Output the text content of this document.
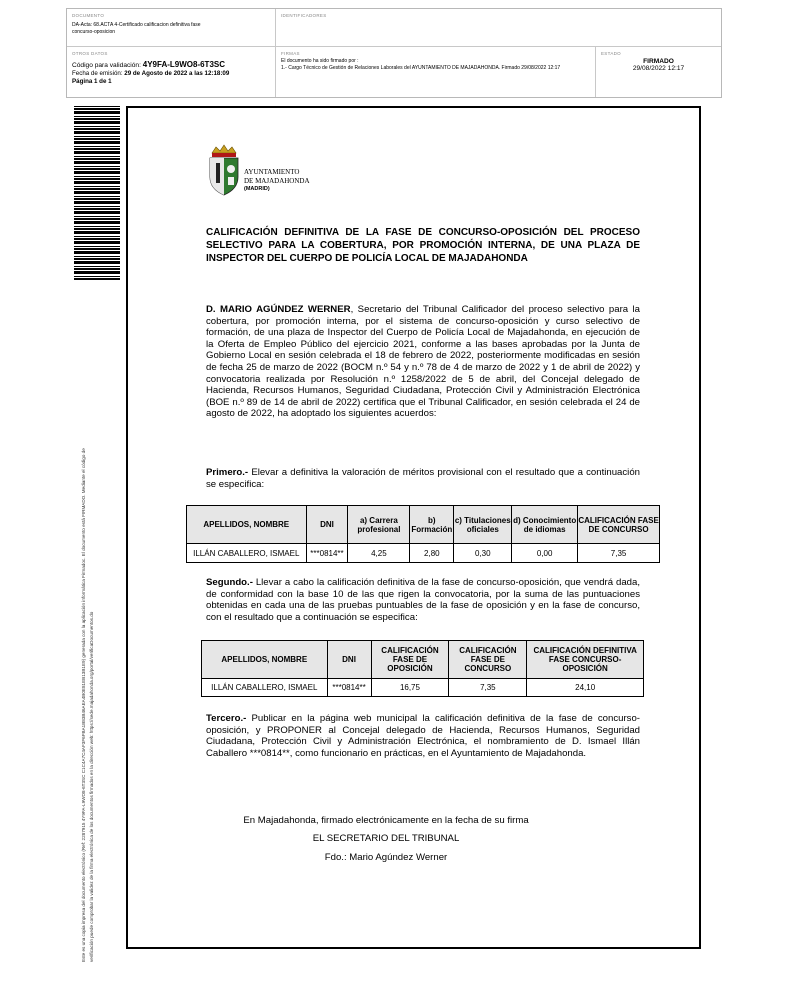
DOCUMENTO
DA-Acta: 68.ACTA 4-Certificado calificacion definitiva fase concurso-oposicion
IDENTIFICADORES
OTROS DATOS
Código para validación: 4Y9FA-L9WO8-6T3SC
Fecha de emisión: 29 de Agosto de 2022 a las 12:18:09
Página 1 de 1
FIRMAS
El documento ha sido firmado por :
1.- Cargo Técnico de Gestión de Relaciones Laborales del AYUNTAMIENTO DE MAJADAHONDA. Firmado 29/08/2022 12:17
ESTADO
FIRMADO
29/08/2022 12:17
Este es una copia impresa del documento electrónico (Ref: 2287915 4Y9FA-L9WO8-6T3SC C1C4A7C4AF3F6FBA1B83B46AEA4B0E81EB13B1E9) generada con la aplicación informática Firmadoc. El documento está FIRMADO. Mediante el código de verificación puede comprobar la validez de la firma electrónica de los documentos firmados en la dirección web: https://sede.majadahonda.org/portal/verificaDocumentos.do
AYUNTAMIENTO
DE MAJADAHONDA
(MADRID)
CALIFICACIÓN DEFINITIVA DE LA FASE DE CONCURSO-OPOSICIÓN DEL PROCESO SELECTIVO PARA LA COBERTURA, POR PROMOCIÓN INTERNA, DE UNA PLAZA DE INSPECTOR DEL CUERPO DE POLICÍA LOCAL DE MAJADAHONDA
D. MARIO AGÚNDEZ WERNER, Secretario del Tribunal Calificador del proceso selectivo para la cobertura, por promoción interna, por el sistema de concurso-oposición y curso selectivo de formación, de una plaza de Inspector del Cuerpo de Policía Local de Majadahonda, en ejecución de la Oferta de Empleo Público del ejercicio 2021, conforme a las bases aprobadas por la Junta de Gobierno Local en sesión celebrada el 18 de febrero de 2022, posteriormente modificadas en sesión de fecha 25 de marzo de 2022 (BOCM n.º 54 y n.º 78 de 4 de marzo de 2022 y 1 de abril de 2022) y convocatoria realizada por Resolución n.º 1258/2022 de 5 de abril, del Concejal delegado de Hacienda, Recursos Humanos, Seguridad Ciudadana, Protección Civil y Administración Electrónica (BOE n.º 89 de 14 de abril de 2022) certifica que el Tribunal Calificador, en sesión celebrada el 24 de agosto de 2022, ha adoptado los siguientes acuerdos:
Primero.- Elevar a definitiva la valoración de méritos provisional con el resultado que a continuación se especifica:
APELLIDOS, NOMBRE	DNI	a) Carrera profesional	b) Formación	c) Titulaciones oficiales	d) Conocimiento de idiomas	CALIFICACIÓN FASE DE CONCURSO
ILLÁN CABALLERO, ISMAEL	***0814**	4,25	2,80	0,30	0,00	7,35
Segundo.- Llevar a cabo la calificación definitiva de la fase de concurso-oposición, que vendrá dada, de conformidad con la base 10 de las que rigen la convocatoria, por la suma de las puntuaciones obtenidas en cada una de las pruebas puntuables de la fase de oposición y en la fase de concurso, con el resultado que a continuación se especifica:
APELLIDOS, NOMBRE	DNI	CALIFICACIÓN FASE DE OPOSICIÓN	CALIFICACIÓN FASE DE CONCURSO	CALIFICACIÓN DEFINITIVA FASE CONCURSO-OPOSICIÓN
ILLÁN CABALLERO, ISMAEL	***0814**	16,75	7,35	24,10
Tercero.- Publicar en la página web municipal la calificación definitiva de la fase de concurso-oposición, y PROPONER al Concejal delegado de Hacienda, Recursos Humanos, Seguridad Ciudadana, Protección Civil y Administración Electrónica, el nombramiento de D. Ismael Illán Caballero ***0814**, como funcionario en prácticas, en el Ayuntamiento de Majadahonda.
En Majadahonda, firmado electrónicamente en la fecha de su firma
EL SECRETARIO DEL TRIBUNAL
Fdo.: Mario Agúndez Werner
